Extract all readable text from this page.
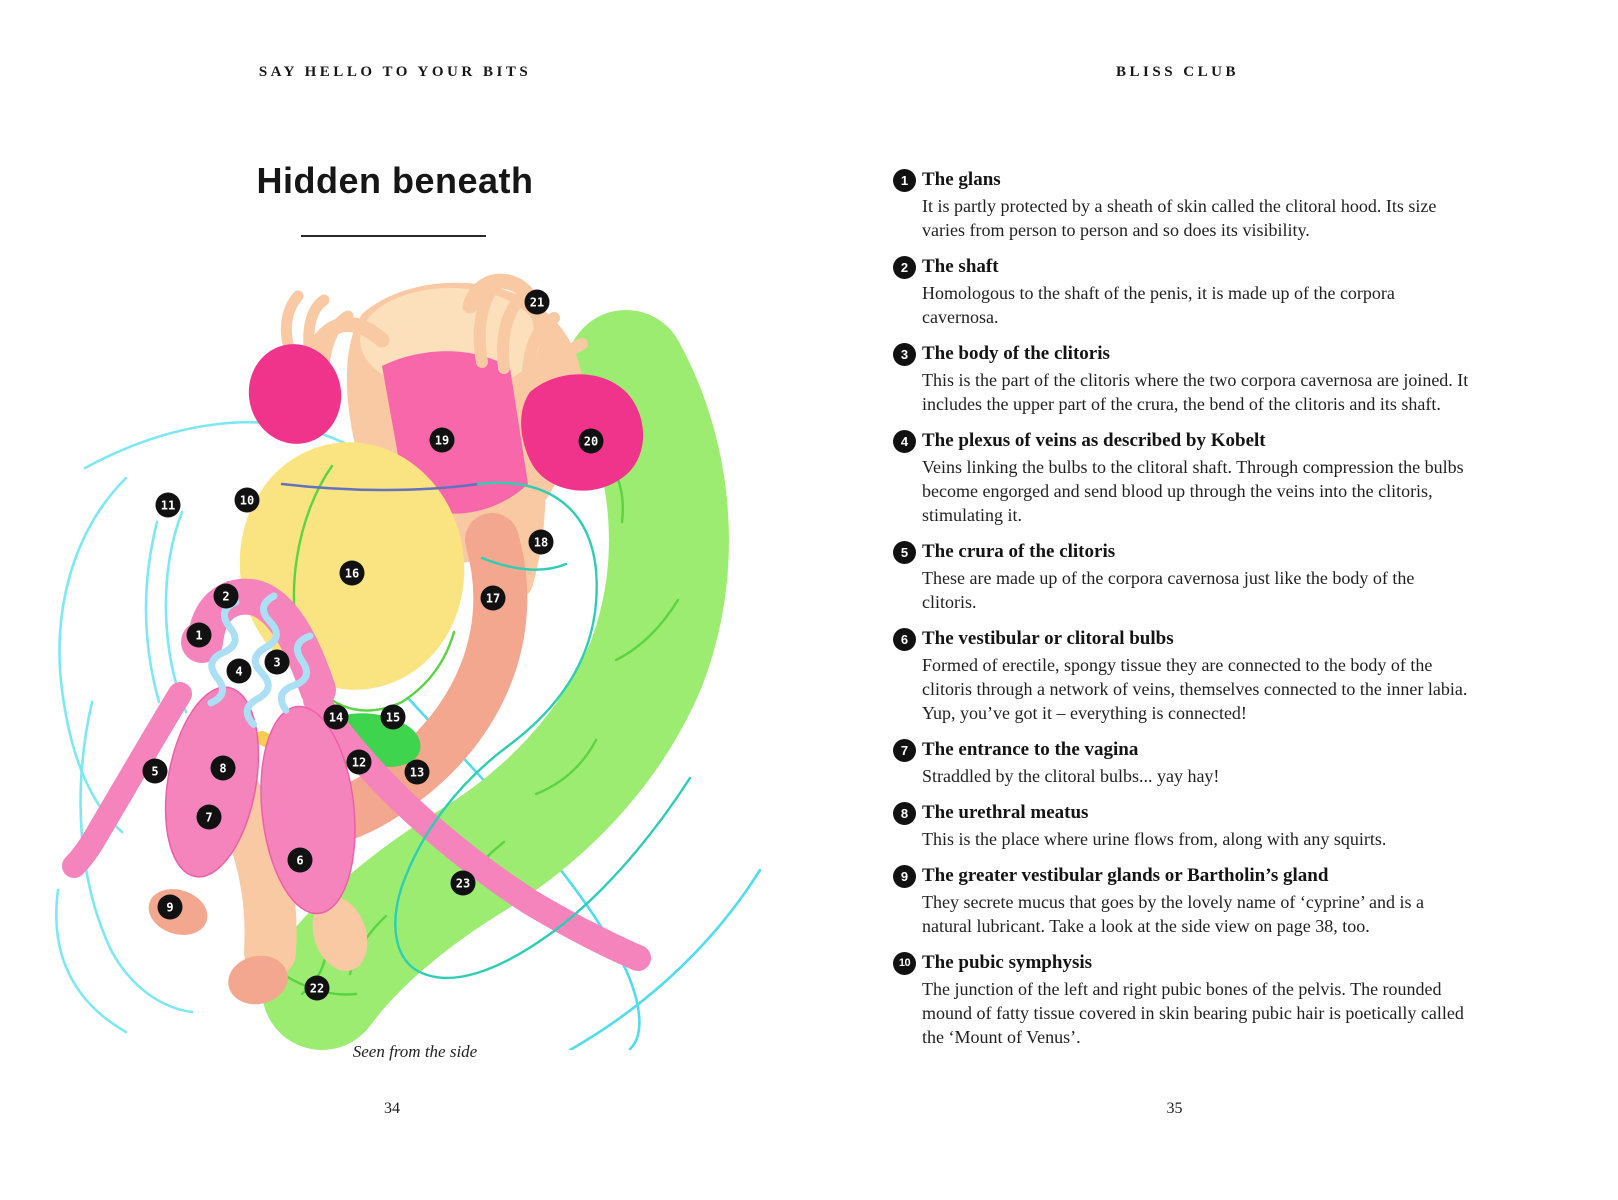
SAY HELLO TO YOUR BITS
Hidden beneath
1
2
3
4
5
6
7
8
9
10
11
12
13
14	15
16
17
18
19	20
21
22
23
Seen from the side
34
BLISS CLUB
1 The glans

It is partly protected by a sheath of skin called the clitoral hood. Its size varies from person to person and so does its visibility.

2 The shaft

Homologous to the shaft of the penis, it is made up of the corpora cavernosa.

3 The body of the clitoris

This is the part of the clitoris where the two corpora cavernosa are joined. It includes the upper part of the crura, the bend of the clitoris and its shaft.

4 The plexus of veins as described by Kobelt

Veins linking the bulbs to the clitoral shaft. Through compression the bulbs become engorged and send blood up through the veins into the clitoris, stimulating it.

5 The crura of the clitoris

These are made up of the corpora cavernosa just like the body of the clitoris.

6 The vestibular or clitoral bulbs

Formed of erectile, spongy tissue they are connected to the body of the clitoris through a network of veins, themselves connected to the inner labia. Yup, you’ve got it – everything is connected!

7 The entrance to the vagina

Straddled by the clitoral bulbs... yay hay!

8 The urethral meatus

This is the place where urine flows from, along with any squirts.

9 The greater vestibular glands or Bartholin’s gland

They secrete mucus that goes by the lovely name of ‘cyprine’ and is a natural lubricant. Take a look at the side view on page 38, too.

10 The pubic symphysis

The junction of the left and right pubic bones of the pelvis. The rounded mound of fatty tissue covered in skin bearing pubic hair is poetically called the ‘Mount of Venus’.

35
